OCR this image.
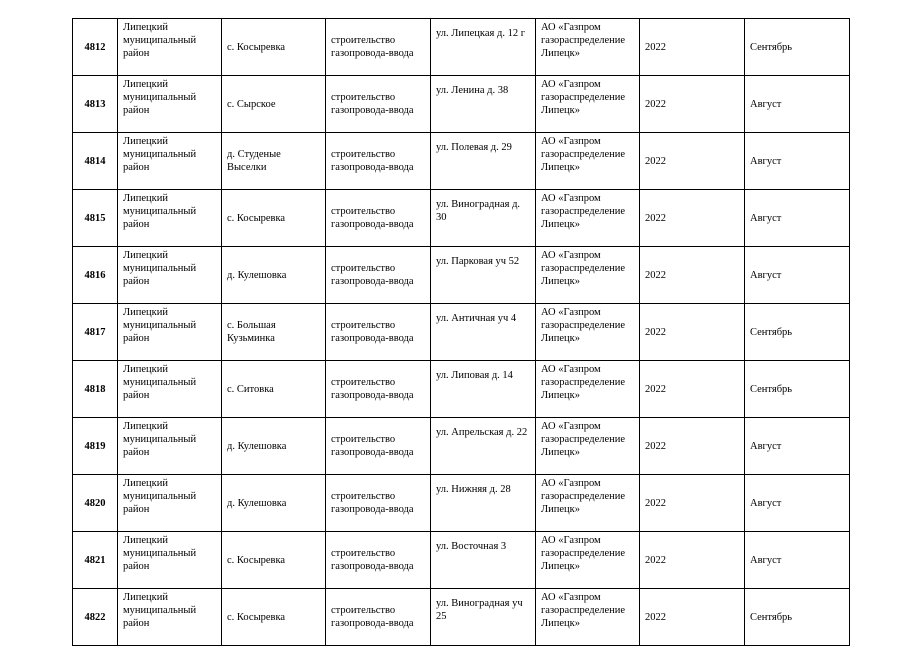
4812	Липецкий муниципальный район	с. Косыревка	строительство газопровода-ввода	ул. Липецкая д. 12 г	АО «Газпром газораспределение Липецк»	2022	Сентябрь
4813	Липецкий муниципальный район	с. Сырское	строительство газопровода-ввода	ул. Ленина д. 38	АО «Газпром газораспределение Липецк»	2022	Август
4814	Липецкий муниципальный район	д. Студеные Выселки	строительство газопровода-ввода	ул. Полевая д. 29	АО «Газпром газораспределение Липецк»	2022	Август
4815	Липецкий муниципальный район	с. Косыревка	строительство газопровода-ввода	ул. Виноградная д. 30	АО «Газпром газораспределение Липецк»	2022	Август
4816	Липецкий муниципальный район	д. Кулешовка	строительство газопровода-ввода	ул. Парковая уч 52	АО «Газпром газораспределение Липецк»	2022	Август
4817	Липецкий муниципальный район	с. Большая Кузьминка	строительство газопровода-ввода	ул. Античная уч 4	АО «Газпром газораспределение Липецк»	2022	Сентябрь
4818	Липецкий муниципальный район	с. Ситовка	строительство газопровода-ввода	ул. Липовая д. 14	АО «Газпром газораспределение Липецк»	2022	Сентябрь
4819	Липецкий муниципальный район	д. Кулешовка	строительство газопровода-ввода	ул. Апрельская д. 22	АО «Газпром газораспределение Липецк»	2022	Август
4820	Липецкий муниципальный район	д. Кулешовка	строительство газопровода-ввода	ул. Нижняя д. 28	АО «Газпром газораспределение Липецк»	2022	Август
4821	Липецкий муниципальный район	с. Косыревка	строительство газопровода-ввода	ул. Восточная 3	АО «Газпром газораспределение Липецк»	2022	Август
4822	Липецкий муниципальный район	с. Косыревка	строительство газопровода-ввода	ул. Виноградная уч 25	АО «Газпром газораспределение Липецк»	2022	Сентябрь
